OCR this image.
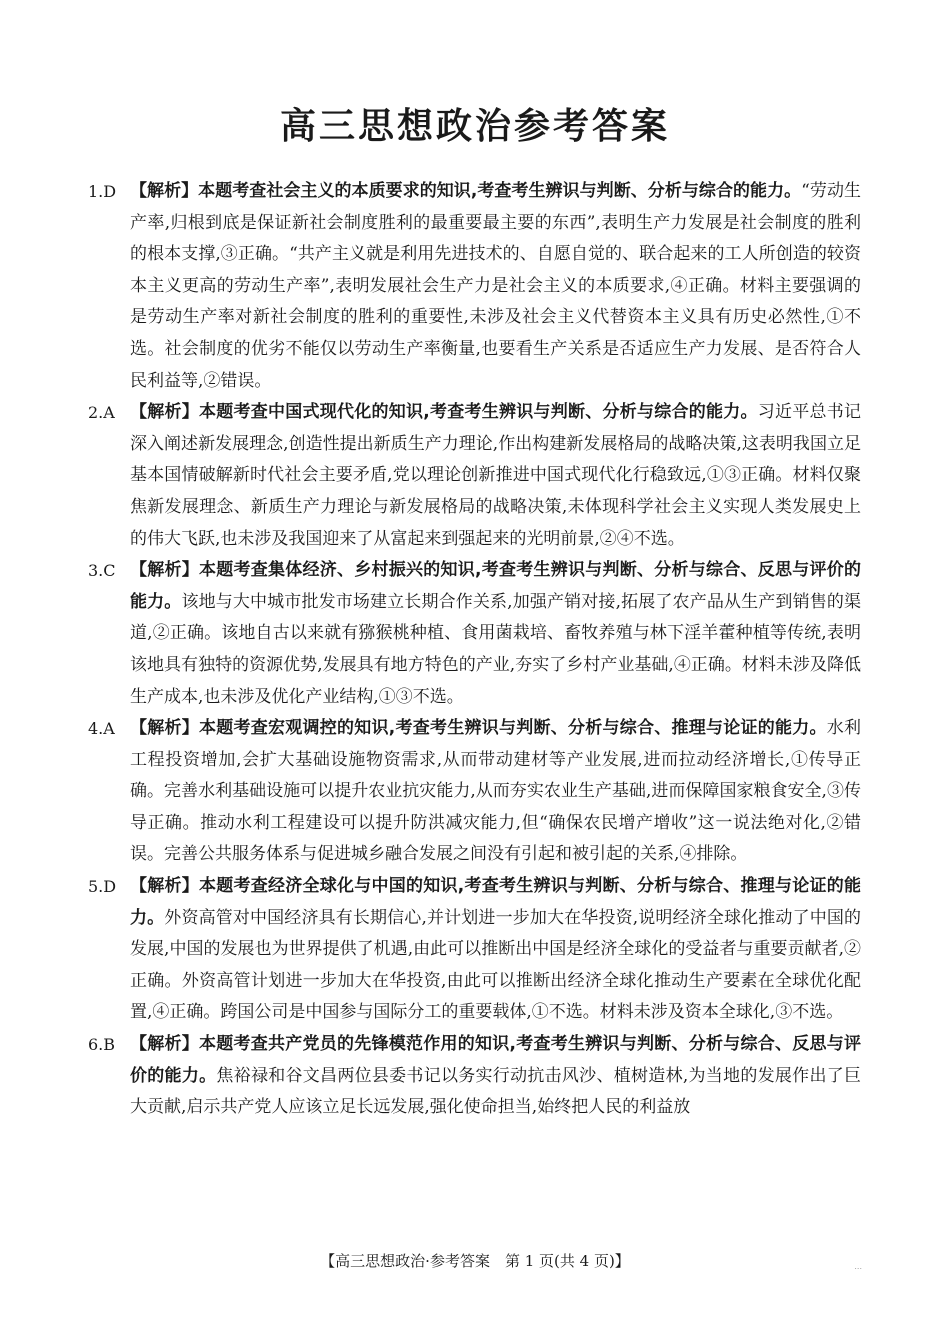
高三思想政治参考答案
1.D 【解析】本题考查社会主义的本质要求的知识,考查考生辨识与判断、分析与综合的能力。“劳动生产率,归根到底是保证新社会制度胜利的最重要最主要的东西”,表明生产力发展是社会制度的胜利的根本支撑,③正确。“共产主义就是利用先进技术的、自愿自觉的、联合起来的工人所创造的较资本主义更高的劳动生产率”,表明发展社会生产力是社会主义的本质要求,④正确。材料主要强调的是劳动生产率对新社会制度的胜利的重要性,未涉及社会主义代替资本主义具有历史必然性,①不选。社会制度的优劣不能仅以劳动生产率衡量,也要看生产关系是否适应生产力发展、是否符合人民利益等,②错误。
2.A 【解析】本题考查中国式现代化的知识,考查考生辨识与判断、分析与综合的能力。习近平总书记深入阐述新发展理念,创造性提出新质生产力理论,作出构建新发展格局的战略决策,这表明我国立足基本国情破解新时代社会主要矛盾,党以理论创新推进中国式现代化行稳致远,①③正确。材料仅聚焦新发展理念、新质生产力理论与新发展格局的战略决策,未体现科学社会主义实现人类发展史上的伟大飞跃,也未涉及我国迎来了从富起来到强起来的光明前景,②④不选。
3.C 【解析】本题考查集体经济、乡村振兴的知识,考查考生辨识与判断、分析与综合、反思与评价的能力。该地与大中城市批发市场建立长期合作关系,加强产销对接,拓展了农产品从生产到销售的渠道,②正确。该地自古以来就有猕猴桃种植、食用菌栽培、畜牧养殖与林下淫羊藿种植等传统,表明该地具有独特的资源优势,发展具有地方特色的产业,夯实了乡村产业基础,④正确。材料未涉及降低生产成本,也未涉及优化产业结构,①③不选。
4.A 【解析】本题考查宏观调控的知识,考查考生辨识与判断、分析与综合、推理与论证的能力。水利工程投资增加,会扩大基础设施物资需求,从而带动建材等产业发展,进而拉动经济增长,①传导正确。完善水利基础设施可以提升农业抗灾能力,从而夯实农业生产基础,进而保障国家粮食安全,③传导正确。推动水利工程建设可以提升防洪减灾能力,但“确保农民增产增收”这一说法绝对化,②错误。完善公共服务体系与促进城乡融合发展之间没有引起和被引起的关系,④排除。
5.D 【解析】本题考查经济全球化与中国的知识,考查考生辨识与判断、分析与综合、推理与论证的能力。外资高管对中国经济具有长期信心,并计划进一步加大在华投资,说明经济全球化推动了中国的发展,中国的发展也为世界提供了机遇,由此可以推断出中国是经济全球化的受益者与重要贡献者,②正确。外资高管计划进一步加大在华投资,由此可以推断出经济全球化推动生产要素在全球优化配置,④正确。跨国公司是中国参与国际分工的重要载体,①不选。材料未涉及资本全球化,③不选。
6.B 【解析】本题考查共产党员的先锋模范作用的知识,考查考生辨识与判断、分析与综合、反思与评价的能力。焦裕禄和谷文昌两位县委书记以务实行动抗击风沙、植树造林,为当地的发展作出了巨大贡献,启示共产党人应该立足长远发展,强化使命担当,始终把人民的利益放
【高三思想政治·参考答案　第 1 页(共 4 页)】	...
